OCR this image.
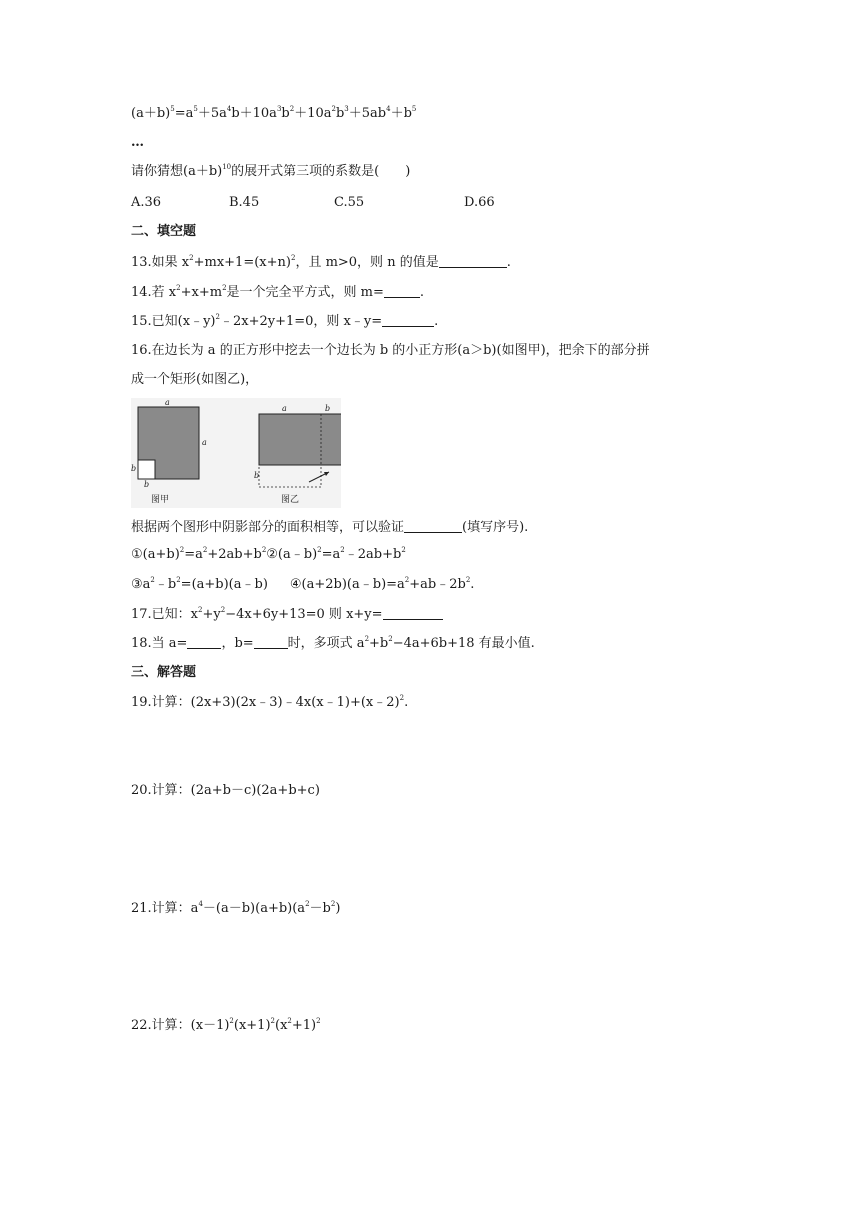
$(a+b)^5=a^5+5a^4b+10a^3b^2+10a^2b^3+5ab^4+b^5$
…
请你猜想$(a+b)^{10}$的展开式第三项的系数是(　　)
A.36	B.45	C.55	D.66
二、填空题
13.如果 $x^2+mx+1=(x+n)^2$，且 m>0，则 n 的值是	.
14.若 $x^2+x+m^2$是一个完全平方式，则 m=	.
15.已知(x﹣y)$^2$﹣2x+2y+1=0，则 x﹣y=	.
16.在边长为 a 的正方形中挖去一个边长为 b 的小正方形(a＞b)(如图甲)，把余下的部分拼
成一个矩形(如图乙)，
a
a
b
b
图甲
a	b
b
图乙
根据两个图形中阴影部分的面积相等，可以验证	(填写序号).
$①(a+b)^2=a^2+2ab+b^2②(a﹣b)^2=a^2﹣2ab+b^2$
$③a^2﹣b^2=(a+b)(a﹣b)$ $④(a+2b)(a﹣b)=a^2+ab﹣2b^2$.
17.已知：$x^2+y^2-4x+6y+13=0$ 则 x+y=
18.当 a=	，b=	时，多项式 $a^2+b^2-4a+6b+18$ 有最小值.
三、解答题
19.计算：(2x+3)(2x﹣3)﹣4x(x﹣1)+(x﹣2)$^2$.
20.计算：(2a+b－c)(2a+b+c)
21.计算：$a^4-(a-b)(a+b)(a^2-b^2)$
22.计算：$(x-1)^2(x+1)^2(x^2+1)^2$
